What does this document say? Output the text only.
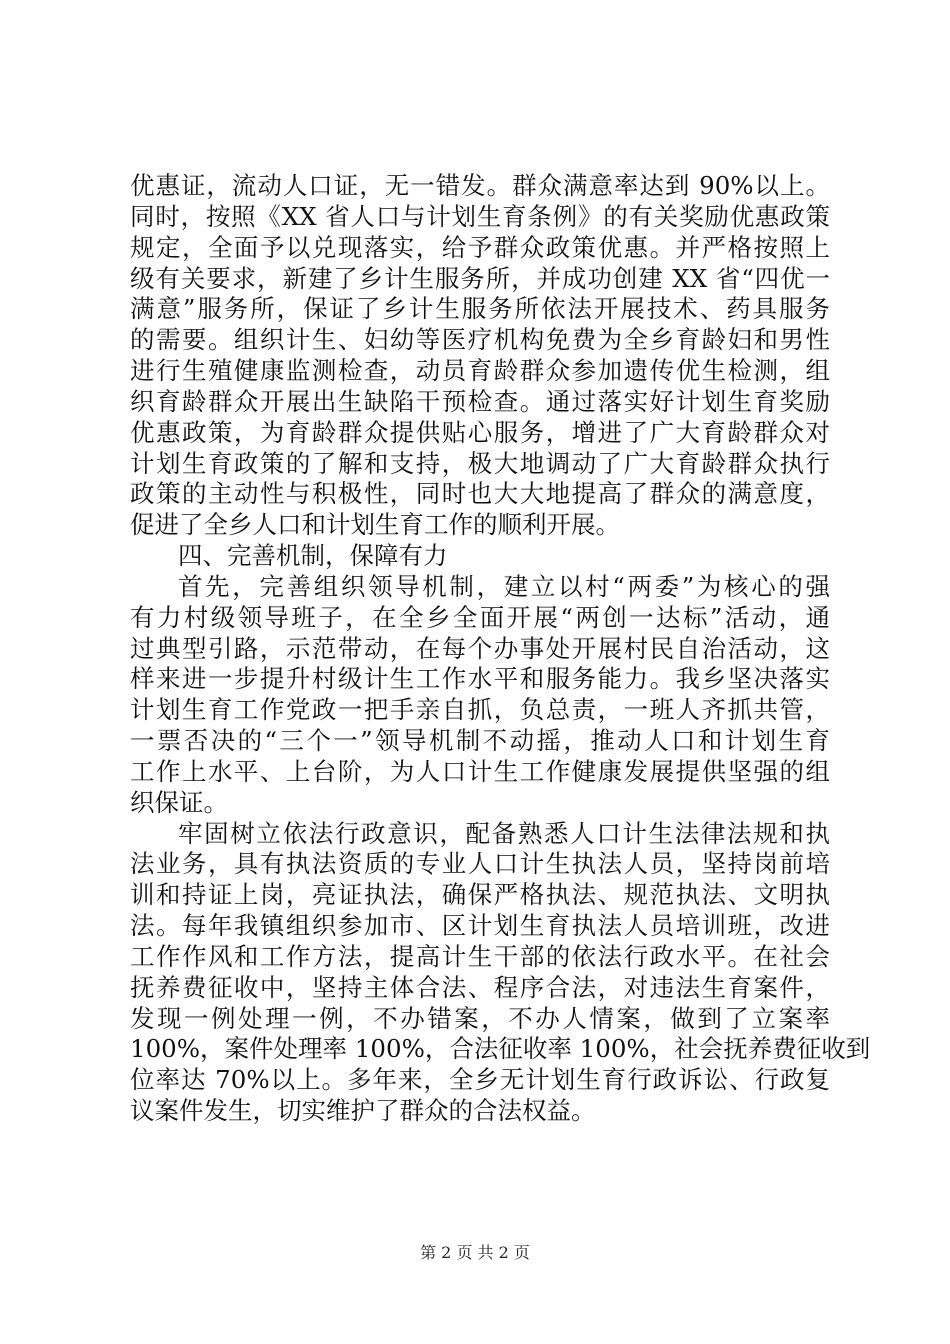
优惠证，流动人口证，无一错发。群众满意率达到 90%以上。
同时，按照《XX 省人口与计划生育条例》的有关奖励优惠政策
规定，全面予以兑现落实，给予群众政策优惠。并严格按照上
级有关要求，新建了乡计生服务所，并成功创建 XX 省“四优一
满意”服务所，保证了乡计生服务所依法开展技术、药具服务
的需要。组织计生、妇幼等医疗机构免费为全乡育龄妇和男性
进行生殖健康监测检查，动员育龄群众参加遗传优生检测，组
织育龄群众开展出生缺陷干预检查。通过落实好计划生育奖励
优惠政策，为育龄群众提供贴心服务，增进了广大育龄群众对
计划生育政策的了解和支持，极大地调动了广大育龄群众执行
政策的主动性与积极性，同时也大大地提高了群众的满意度，
促进了全乡人口和计划生育工作的顺利开展。
四、完善机制，保障有力
首先，完善组织领导机制，建立以村“两委”为核心的强
有力村级领导班子，在全乡全面开展“两创一达标”活动，通
过典型引路，示范带动，在每个办事处开展村民自治活动，这
样来进一步提升村级计生工作水平和服务能力。我乡坚决落实
计划生育工作党政一把手亲自抓，负总责，一班人齐抓共管，
一票否决的“三个一”领导机制不动摇，推动人口和计划生育
工作上水平、上台阶，为人口计生工作健康发展提供坚强的组
织保证。
牢固树立依法行政意识，配备熟悉人口计生法律法规和执
法业务，具有执法资质的专业人口计生执法人员，坚持岗前培
训和持证上岗，亮证执法，确保严格执法、规范执法、文明执
法。每年我镇组织参加市、区计划生育执法人员培训班，改进
工作作风和工作方法，提高计生干部的依法行政水平。在社会
抚养费征收中，坚持主体合法、程序合法，对违法生育案件，
发现一例处理一例，不办错案，不办人情案，做到了立案率
100%，案件处理率 100%，合法征收率 100%，社会抚养费征收到
位率达 70%以上。多年来，全乡无计划生育行政诉讼、行政复
议案件发生，切实维护了群众的合法权益。
第 2 页 共 2 页
